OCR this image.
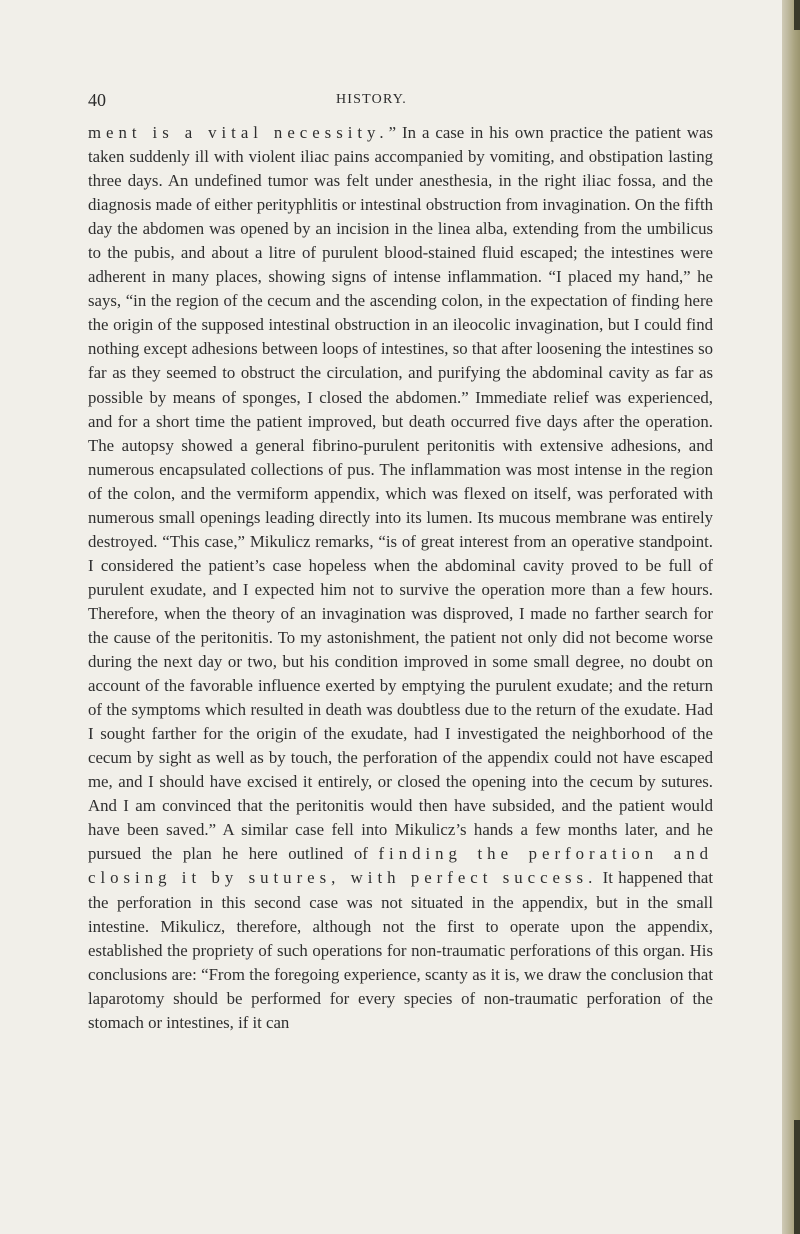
40	HISTORY.

ment is a vital necessity.” In a case in his own practice the patient was taken suddenly ill with violent iliac pains accompanied by vomiting, and obstipation lasting three days. An undefined tumor was felt under anesthesia, in the right iliac fossa, and the diagnosis made of either perityphlitis or intestinal obstruction from invagination. On the fifth day the abdomen was opened by an incision in the linea alba, extending from the umbilicus to the pubis, and about a litre of purulent blood-stained fluid escaped; the intestines were adherent in many places, showing signs of intense inflammation. “I placed my hand,” he says, “in the region of the cecum and the ascending colon, in the expectation of finding here the origin of the supposed intestinal obstruction in an ileocolic invagination, but I could find nothing except adhesions between loops of intestines, so that after loosening the intestines so far as they seemed to obstruct the circulation, and purifying the abdominal cavity as far as possible by means of sponges, I closed the abdomen.” Immediate relief was experienced, and for a short time the patient improved, but death occurred five days after the operation. The autopsy showed a general fibrino-purulent peritonitis with extensive adhesions, and numerous encapsulated collections of pus. The inflammation was most intense in the region of the colon, and the vermiform appendix, which was flexed on itself, was perforated with numerous small openings leading directly into its lumen. Its mucous membrane was entirely destroyed. “This case,” Mikulicz remarks, “is of great interest from an operative standpoint. I considered the patient’s case hopeless when the abdominal cavity proved to be full of purulent exudate, and I expected him not to survive the operation more than a few hours. Therefore, when the theory of an invagination was disproved, I made no farther search for the cause of the peritonitis. To my astonishment, the patient not only did not become worse during the next day or two, but his condition improved in some small degree, no doubt on account of the favorable influence exerted by emptying the purulent exudate; and the return of the symptoms which resulted in death was doubtless due to the return of the exudate. Had I sought farther for the origin of the exudate, had I investigated the neighborhood of the cecum by sight as well as by touch, the perforation of the appendix could not have escaped me, and I should have excised it entirely, or closed the opening into the cecum by sutures. And I am convinced that the peritonitis would then have subsided, and the patient would have been saved.” A similar case fell into Mikulicz’s hands a few months later, and he pursued the plan he here outlined of finding the perforation and closing it by sutures, with perfect success. It happened that the perforation in this second case was not situated in the appendix, but in the small intestine. Mikulicz, therefore, although not the first to operate upon the appendix, established the propriety of such operations for non-traumatic perforations of this organ. His conclusions are: “From the foregoing experience, scanty as it is, we draw the conclusion that laparotomy should be performed for every species of non-traumatic perforation of the stomach or intestines, if it can
